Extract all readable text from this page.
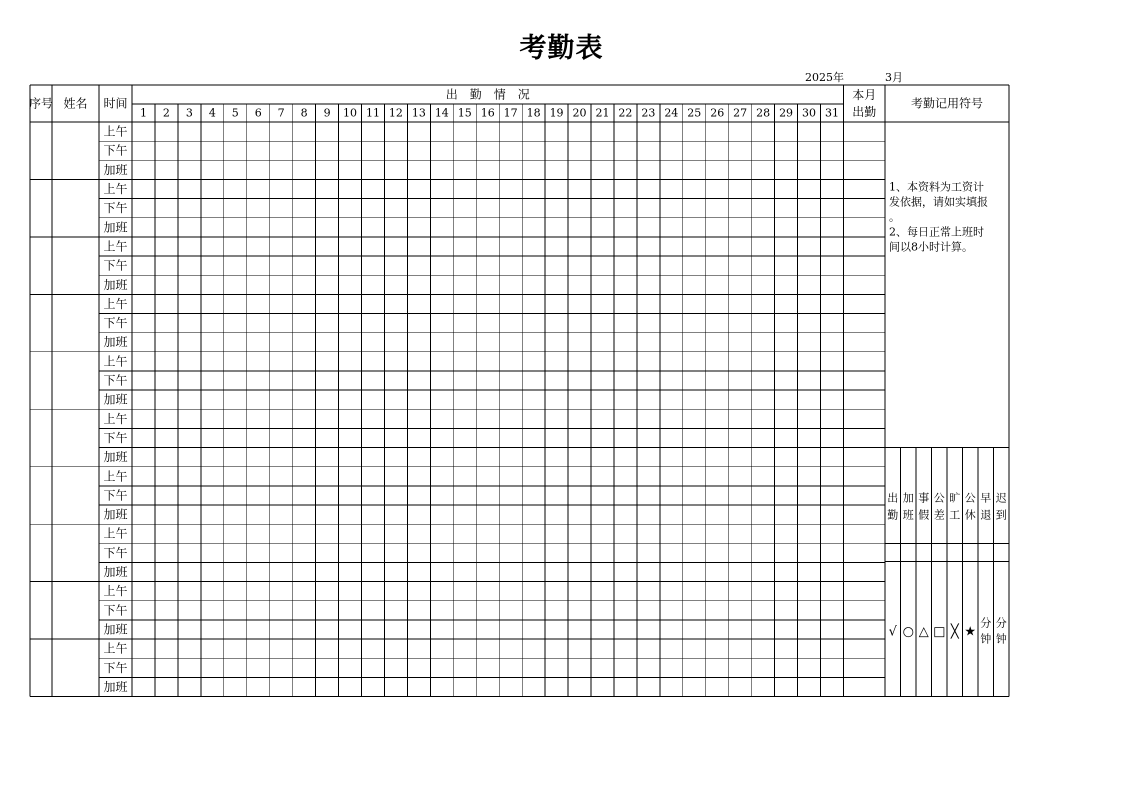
考勤表
2025年	3月
序号 姓名 时间
出　勤　情　况	本月
出勤
考勤记用符号
1 2 3 4 5 6 7 8 9 10 11 12 13 14 15 16 17 18 19 20 21 22 23 24 25 26 27 28 29 30 31
上午
下午
加班
上午
下午
加班
上午
下午
加班
上午
下午
加班
上午
下午
加班
上午
下午
加班
上午
下午
加班
上午
下午
加班
上午
下午
加班
上午
下午
加班
1、本资料为工资计
发依据，请如实填报
。
2、每日正常上班时
间以8小时计算。
出
勤
√
加
班
○
事
假
△
公
差
□
旷
工
╳
公
休
★
早
退
分
钟
迟
到
分
钟
